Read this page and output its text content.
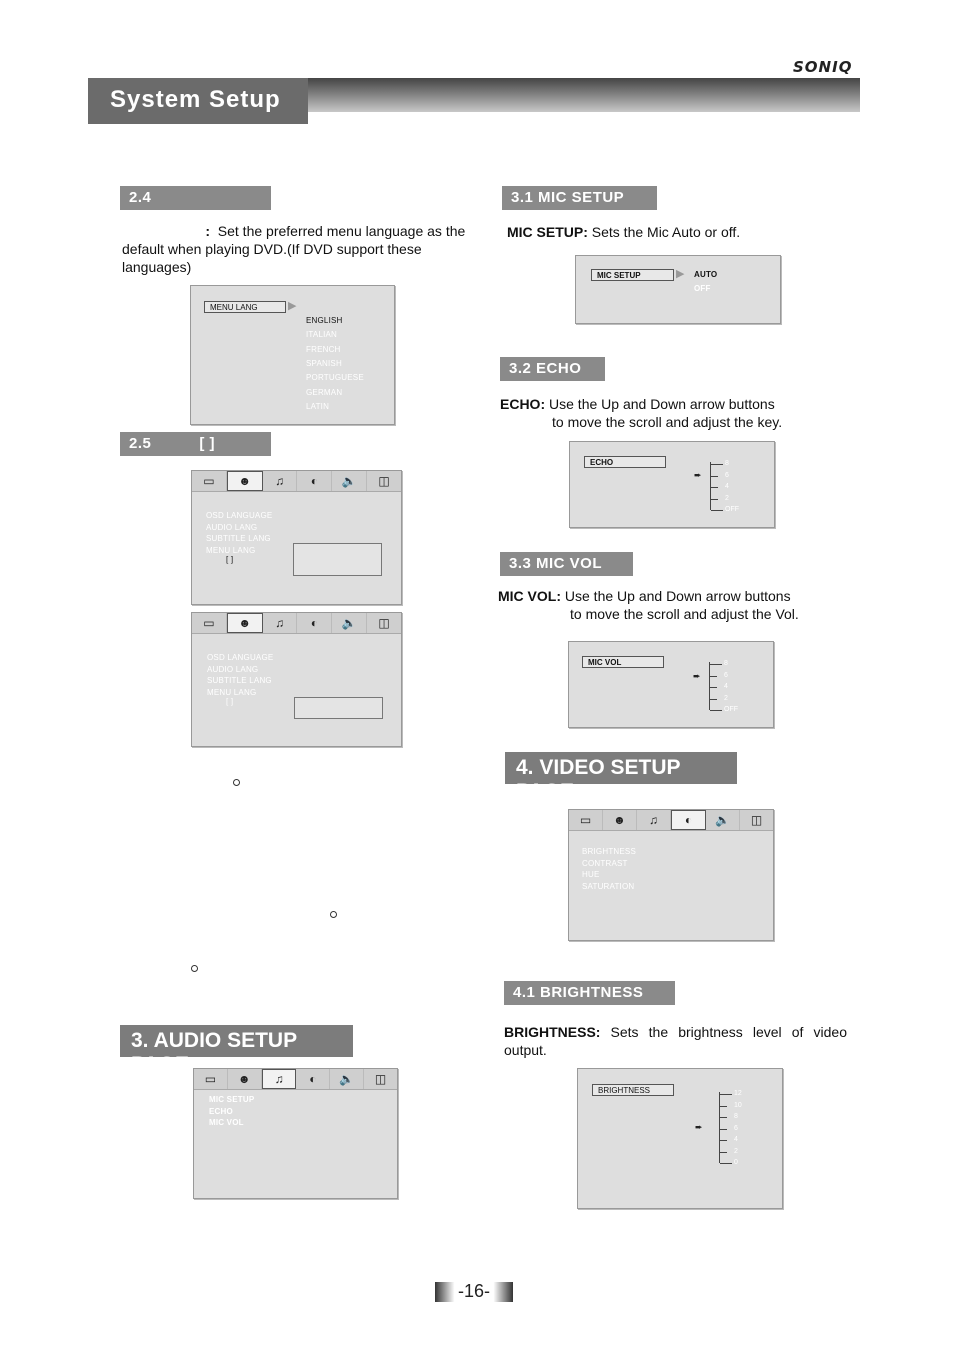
SONIQ
System Setup
2.4
: Set the preferred menu language as the default when playing DVD.(If DVD support these languages)
MENU LANG	▶
ENGLISH
ITALIAN
FRENCH
SPANISH
PORTUGUESE
GERMAN
LATIN
2.5	[ ]
▭	☻	♫	◐	🔈	◫
OSD LANGUAGE
AUDIO LANG
SUBTITLE LANG
MENU LANG
[ ]
▭	☻	♫	◐	🔈	◫
OSD LANGUAGE
AUDIO LANG
SUBTITLE LANG
MENU LANG
[ ]
3. AUDIO SETUP PAGE
▭	☻	♫	◐	🔈	◫
MIC SETUP
ECHO
MIC VOL
3.1 MIC SETUP
MIC SETUP: Sets the Mic Auto or off.
MIC SETUP	▶ AUTO
OFF
3.2 ECHO
ECHO: Use the Up and Down arrow buttons
to move the scroll and adjust the key.
ECHO
➨
8
6
4
2
OFF
3.3 MIC VOL
MIC VOL: Use the Up and Down arrow buttons
to move the scroll and adjust the Vol.
MIC VOL
➨
8
6
4
2
OFF
4. VIDEO SETUP PAGE
▭	☻	♫	◐	🔈	◫
BRIGHTNESS
CONTRAST
HUE
SATURATION
4.1 BRIGHTNESS
BRIGHTNESS: Sets the brightness level of video output.
BRIGHTNESS
➨
12
10
8
6
4
2
0
-16-
